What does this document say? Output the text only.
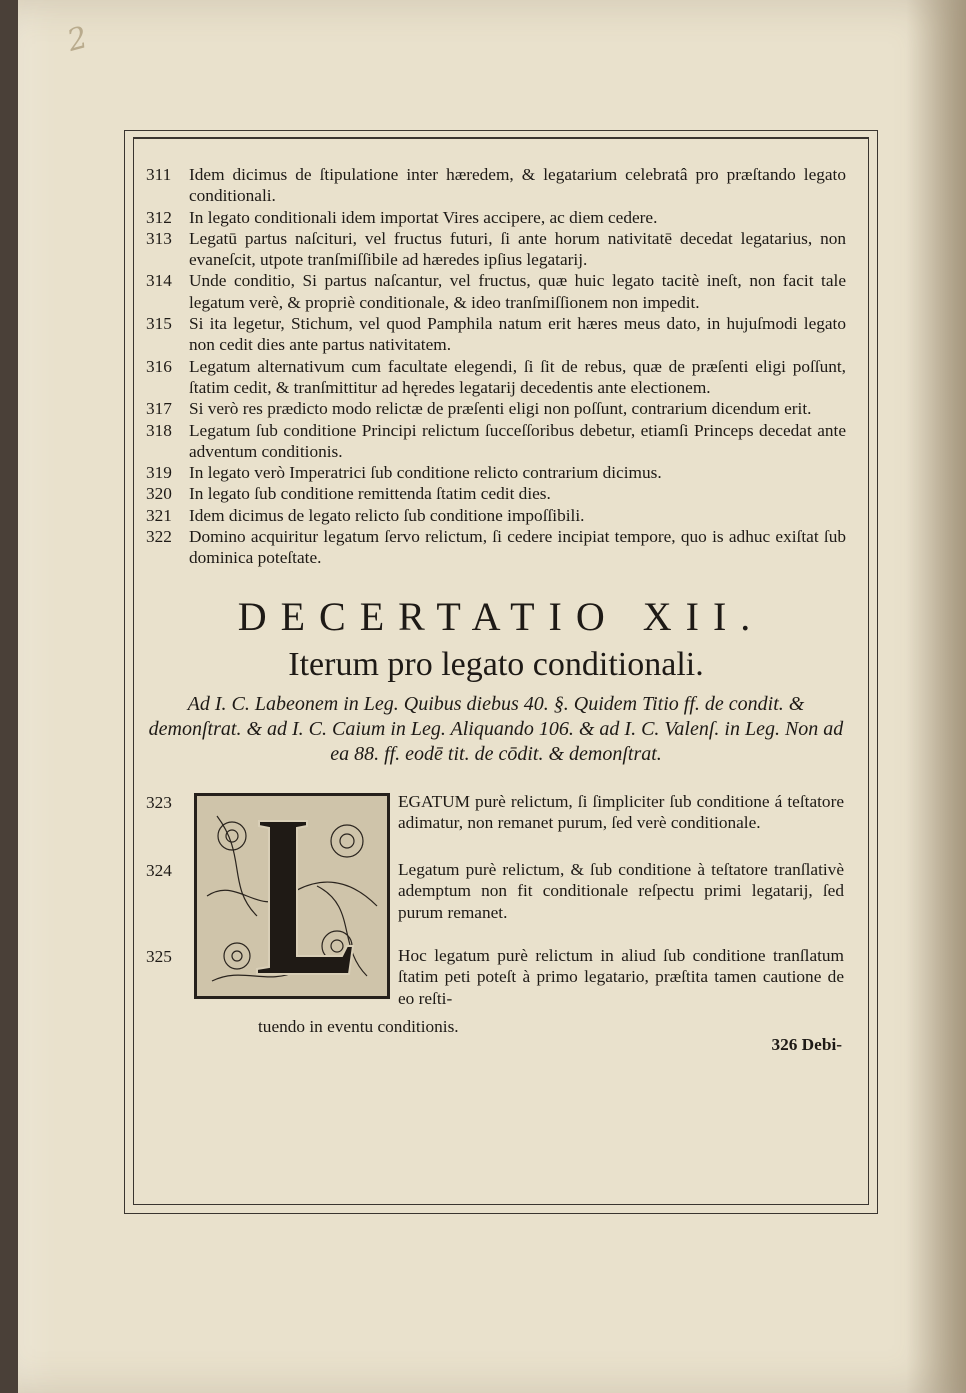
2
311	Idem dicimus de ſtipulatione inter hæredem, & legatarium celebratâ pro præſtando legato conditionali.
312 In legato conditionali idem importat Vires accipere, ac diem cedere.
313 Legatū partus naſcituri, vel fructus futuri, ſi ante horum nativitatē decedat legatarius, non evaneſcit, utpote tranſmiſſibile ad hæredes ipſius legatarij.
314 Unde conditio, Si partus naſcantur, vel fructus, quæ huic legato tacitè ineſt, non facit tale legatum verè, & propriè conditionale, & ideo tranſmiſſionem non impedit.
315 Si ita legetur, Stichum, vel quod Pamphila natum erit hæres meus dato, in hujuſmodi legato non cedit dies ante partus nativitatem.
316 Legatum alternativum cum facultate elegendi, ſi ſit de rebus, quæ de præſenti eligi poſſunt, ſtatim cedit, & tranſmittitur ad hęredes legatarij decedentis ante electionem.
317 Si verò res prædicto modo relictæ de præſenti eligi non poſſunt, contrarium dicendum erit.
318 Legatum ſub conditione Principi relictum ſucceſſoribus debetur, etiamſi Princeps decedat ante adventum conditionis.
319 In legato verò Imperatrici ſub conditione relicto contrarium dicimus.
320 In legato ſub conditione remittenda ſtatim cedit dies.
321 Idem dicimus de legato relicto ſub conditione impoſſibili.
322 Domino acquiritur legatum ſervo relictum, ſi cedere incipiat tempore, quo is adhuc exiſtat ſub dominica poteſtate.
DECERTATIO XII.
Iterum pro legato conditionali.
Ad I. C. Labeonem in Leg. Quibus diebus 40. §. Quidem Titio ff. de condit. & demonſtrat. & ad I. C. Caium in Leg. Aliquando 106. & ad I. C. Valenſ. in Leg. Non ad ea 88. ff. eodē tit. de cōdit. & demonſtrat.
323	EGATUM purè relictum, ſi ſimpliciter ſub conditione á teſtatore adimatur, non remanet purum, ſed verè conditionale.
324	Legatum purè relictum, & ſub conditione à teſtatore tranſlativè ademptum non fit conditionale reſpectu primi legatarij, ſed purum remanet.
325	Hoc legatum purè relictum in aliud ſub conditione tranſlatum ſtatim peti poteſt à primo legatario, præſtita tamen cautione de eo reſti-
tuendo in eventu conditionis.
326 Debi-
